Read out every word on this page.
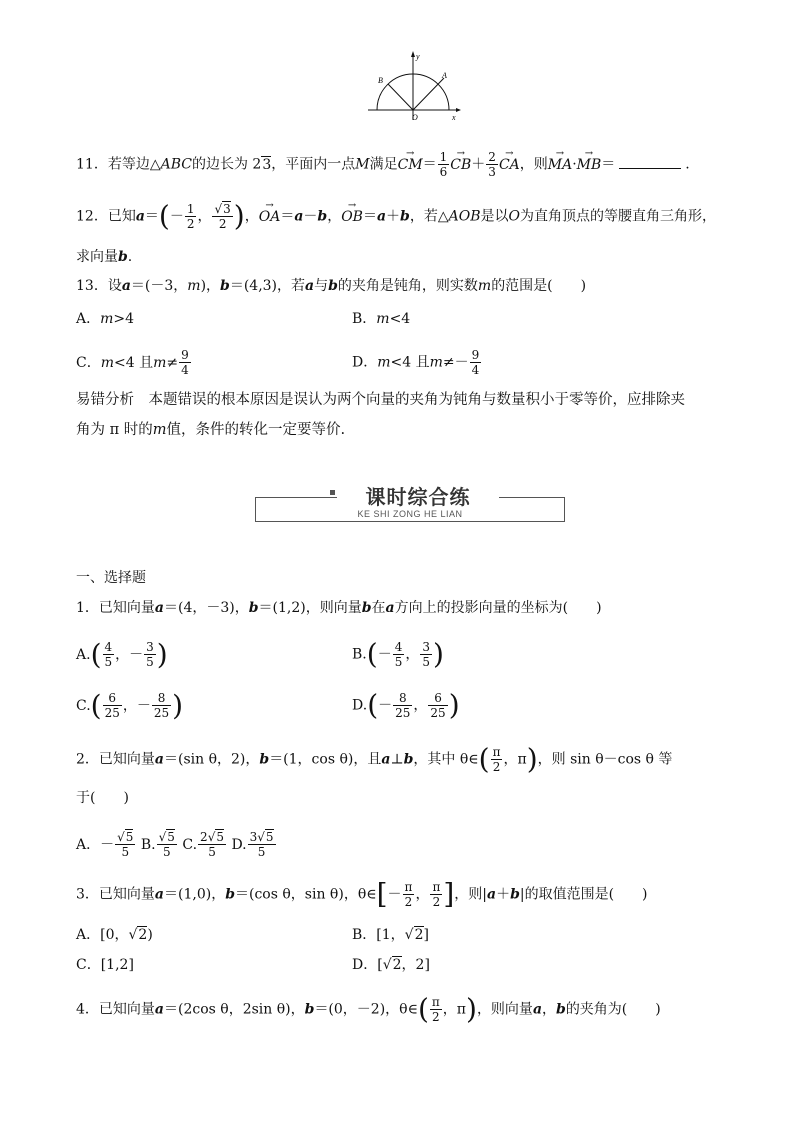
y
x
O
A
B
11．若等边△ABC的边长为 23，平面内一点M满足→ $CM= \frac{1}{6}$
→ $CB+ \frac{2}{3}$
→ CA，则→ MA·→ MB＝	.
12．已知$a=(- \frac{1}{2}$ ， $\frac{√3}{2}$ )，→ OA＝a－b，→ OB＝a＋b，若△AOB是以O为直角顶点的等腰直角三角形，
求向量b.
13．设a＝(－3，m)，b＝(4,3)，若a与b的夹角是钝角，则实数m的范围是(　　)
A．m>4	B．m<4
C．m<4 且$m\ne \frac{9}{4}$	D．m<4 且$m\ne- \frac{9}{4}$
易错分析　本题错误的根本原因是误认为两个向量的夹角为钝角与数量积小于零等价，应排除夹
角为 π 时的m值，条件的转化一定要等价.
课时综合练
KE SHI ZONG HE LIAN
一、选择题
1．已知向量a＝(4，－3)，b＝(1,2)，则向量b在a方向上的投影向量的坐标为(　　)
$A.( \frac{4}{5}$ ，－ $\frac{3}{5}$ )	$B.(- \frac{4}{5}$ ， $\frac{3}{5}$ )
$C.( \frac{6}{25}$ ，－ $\frac{8}{25}$ )	$D.(- \frac{8}{25}$ ， $\frac{6}{25}$ )
2．已知向量a＝(sin θ，2)，b＝(1，cos θ)，且a⊥b，其中 θ∈( $\frac{\pi}{2}$ ，π)，则 sin θ－cos θ 等
于(　　)
A．－ $\frac{√5}{5} B$. $\frac{√5}{5} C$. $\frac{2√5}{5} D$. $\frac{3√5}{5}$
3．已知向量a＝(1,0)，b＝(cos θ，sin θ)，θ∈[－ $\frac{\pi}{2}$ ， $\frac{\pi}{2}$ ]，则|a＋b|的取值范围是(　　)
A．[0，√2)	B．[1，√2]
C．[1,2]	D．[√2，2]
4．已知向量a＝(2cos θ，2sin θ)，b＝(0，－2)，θ∈( $\frac{\pi}{2}$ ，π)，则向量a，b的夹角为(　　)
